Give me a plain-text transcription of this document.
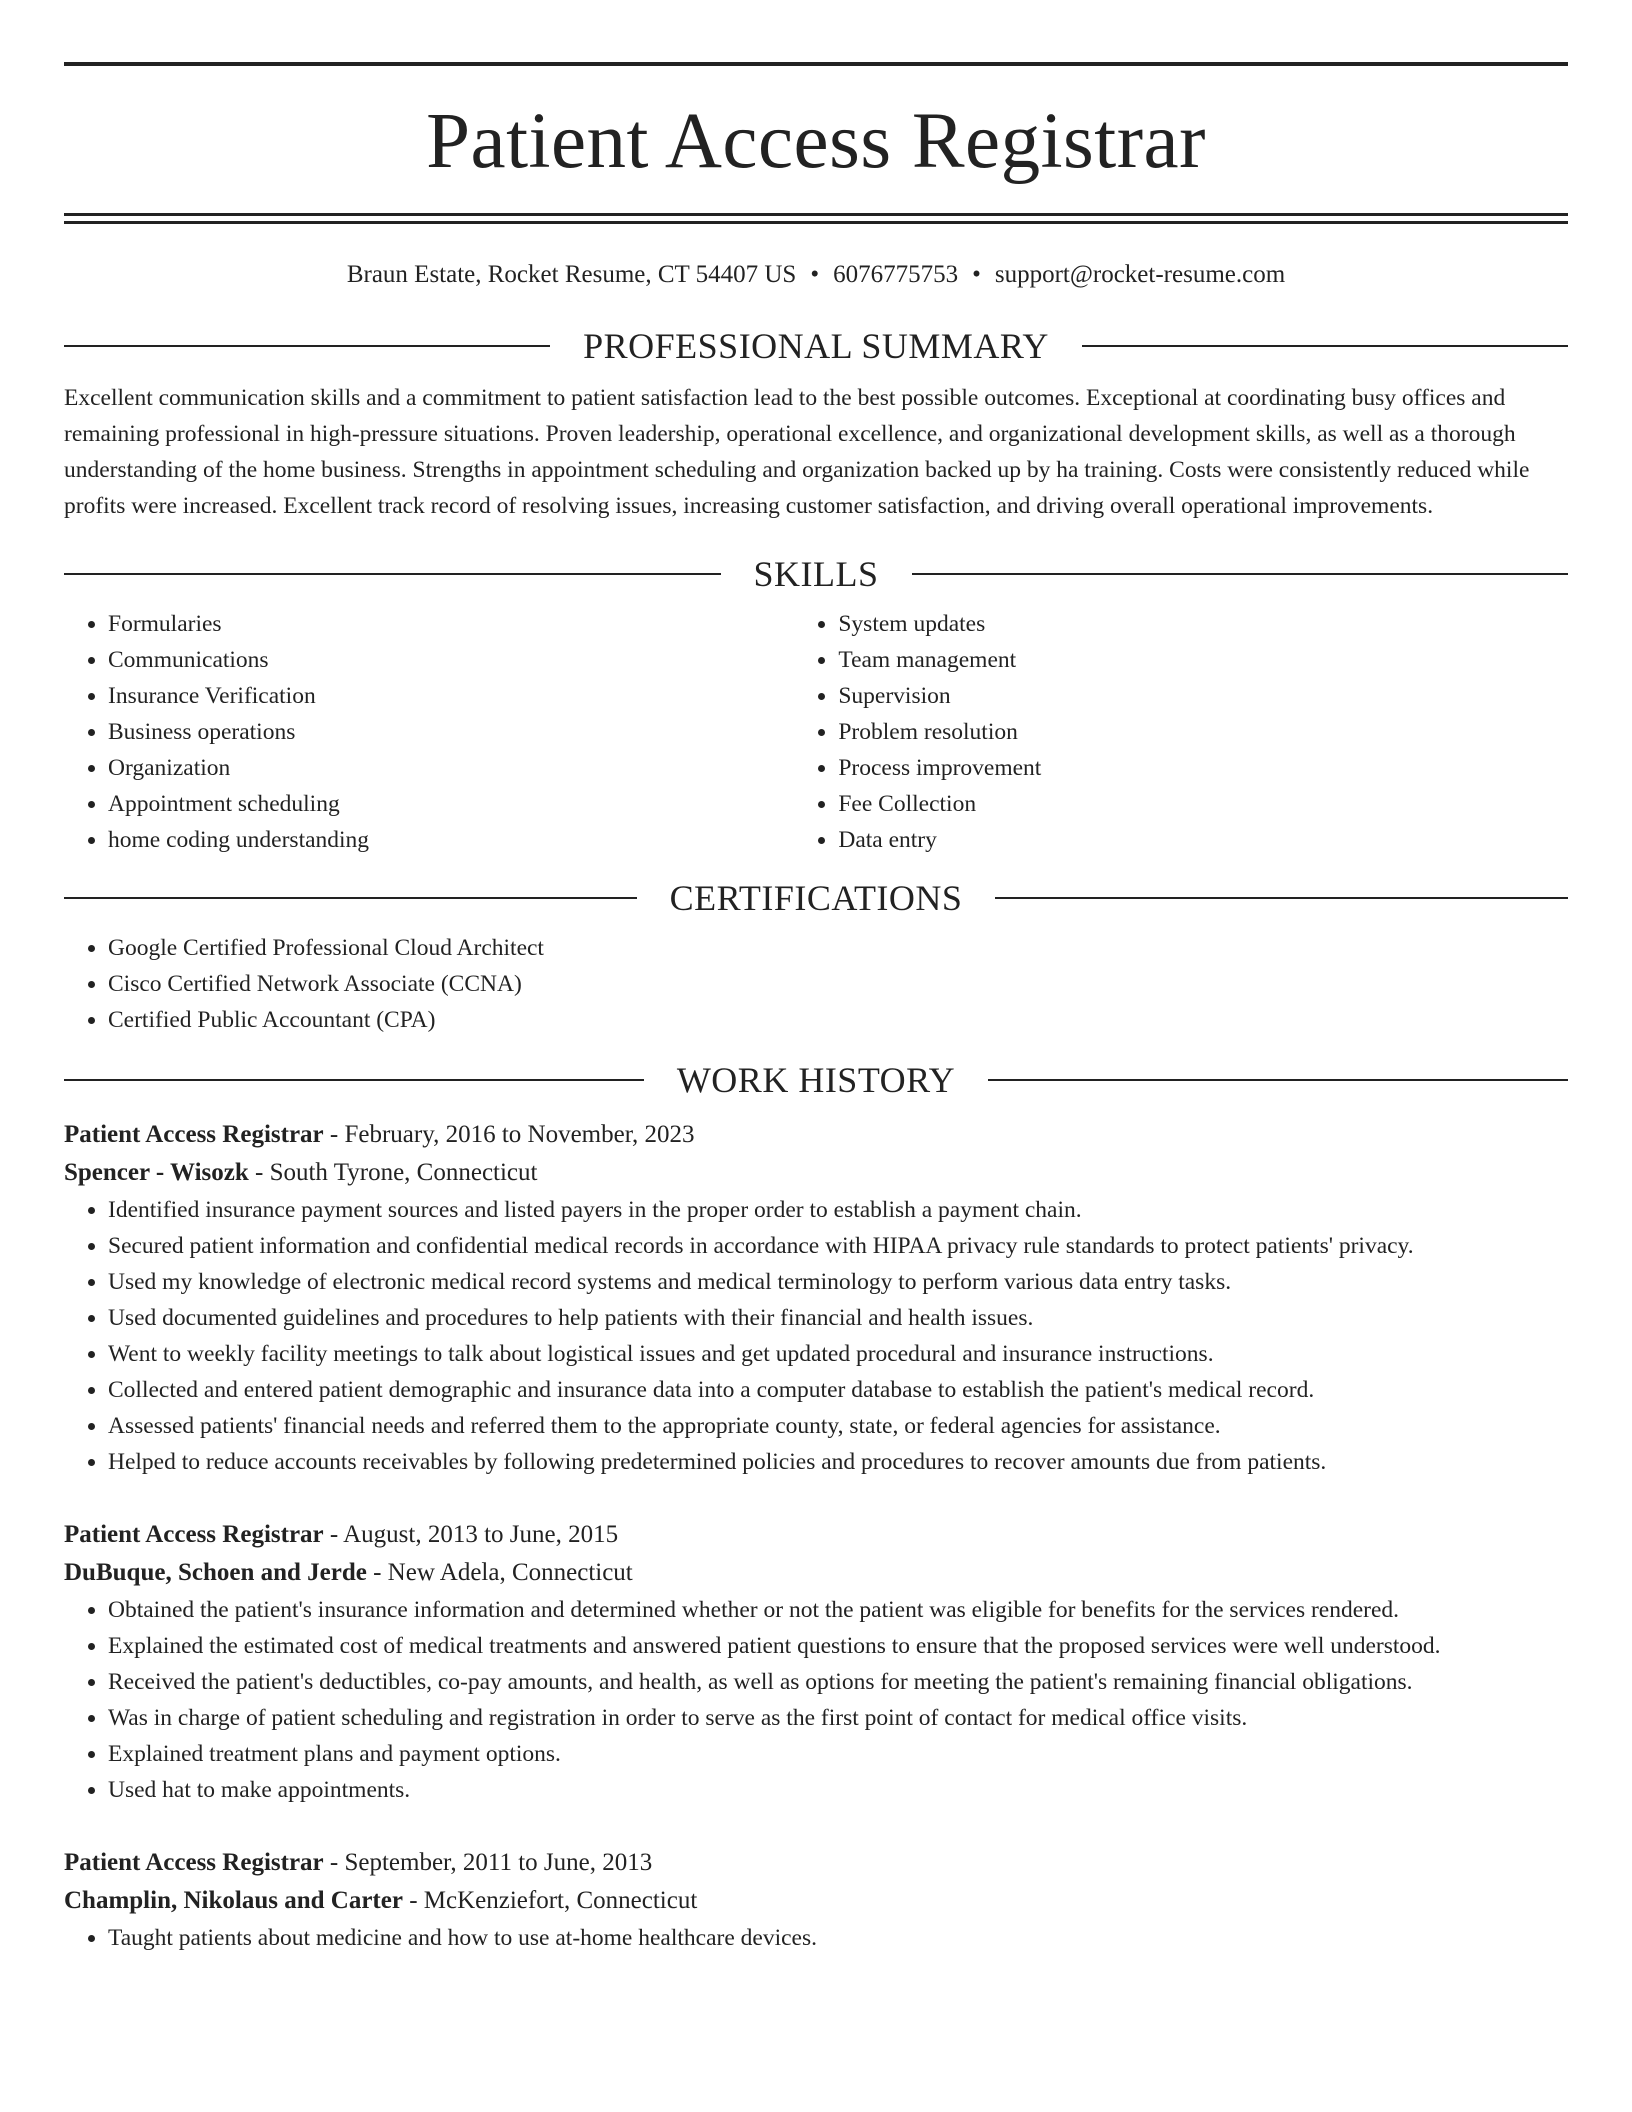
Patient Access Registrar
Braun Estate, Rocket Resume, CT 54407 US • 6076775753 • support@rocket-resume.com
PROFESSIONAL SUMMARY

Excellent communication skills and a commitment to patient satisfaction lead to the best possible outcomes. Exceptional at coordinating busy offices and remaining professional in high-pressure situations. Proven leadership, operational excellence, and organizational development skills, as well as a thorough understanding of the home business. Strengths in appointment scheduling and organization backed up by ha training. Costs were consistently reduced while profits were increased. Excellent track record of resolving issues, increasing customer satisfaction, and driving overall operational improvements.

SKILLS
• Formularies
• Communications
• Insurance Verification
• Business operations
• Organization
• Appointment scheduling
• home coding understanding
• System updates
• Team management
• Supervision
• Problem resolution
• Process improvement
• Fee Collection
• Data entry
CERTIFICATIONS
• Google Certified Professional Cloud Architect
• Cisco Certified Network Associate (CCNA)
• Certified Public Accountant (CPA)
WORK HISTORY
Patient Access Registrar - February, 2016 to November, 2023
Spencer - Wisozk - South Tyrone, Connecticut
• Identified insurance payment sources and listed payers in the proper order to establish a payment chain.
• Secured patient information and confidential medical records in accordance with HIPAA privacy rule standards to protect patients' privacy.
• Used my knowledge of electronic medical record systems and medical terminology to perform various data entry tasks.
• Used documented guidelines and procedures to help patients with their financial and health issues.
• Went to weekly facility meetings to talk about logistical issues and get updated procedural and insurance instructions.
• Collected and entered patient demographic and insurance data into a computer database to establish the patient's medical record.
• Assessed patients' financial needs and referred them to the appropriate county, state, or federal agencies for assistance.
• Helped to reduce accounts receivables by following predetermined policies and procedures to recover amounts due from patients.
Patient Access Registrar - August, 2013 to June, 2015
DuBuque, Schoen and Jerde - New Adela, Connecticut
• Obtained the patient's insurance information and determined whether or not the patient was eligible for benefits for the services rendered.
• Explained the estimated cost of medical treatments and answered patient questions to ensure that the proposed services were well understood.
• Received the patient's deductibles, co-pay amounts, and health, as well as options for meeting the patient's remaining financial obligations.
• Was in charge of patient scheduling and registration in order to serve as the first point of contact for medical office visits.
• Explained treatment plans and payment options.
• Used hat to make appointments.
Patient Access Registrar - September, 2011 to June, 2013
Champlin, Nikolaus and Carter - McKenziefort, Connecticut
• Taught patients about medicine and how to use at-home healthcare devices.
